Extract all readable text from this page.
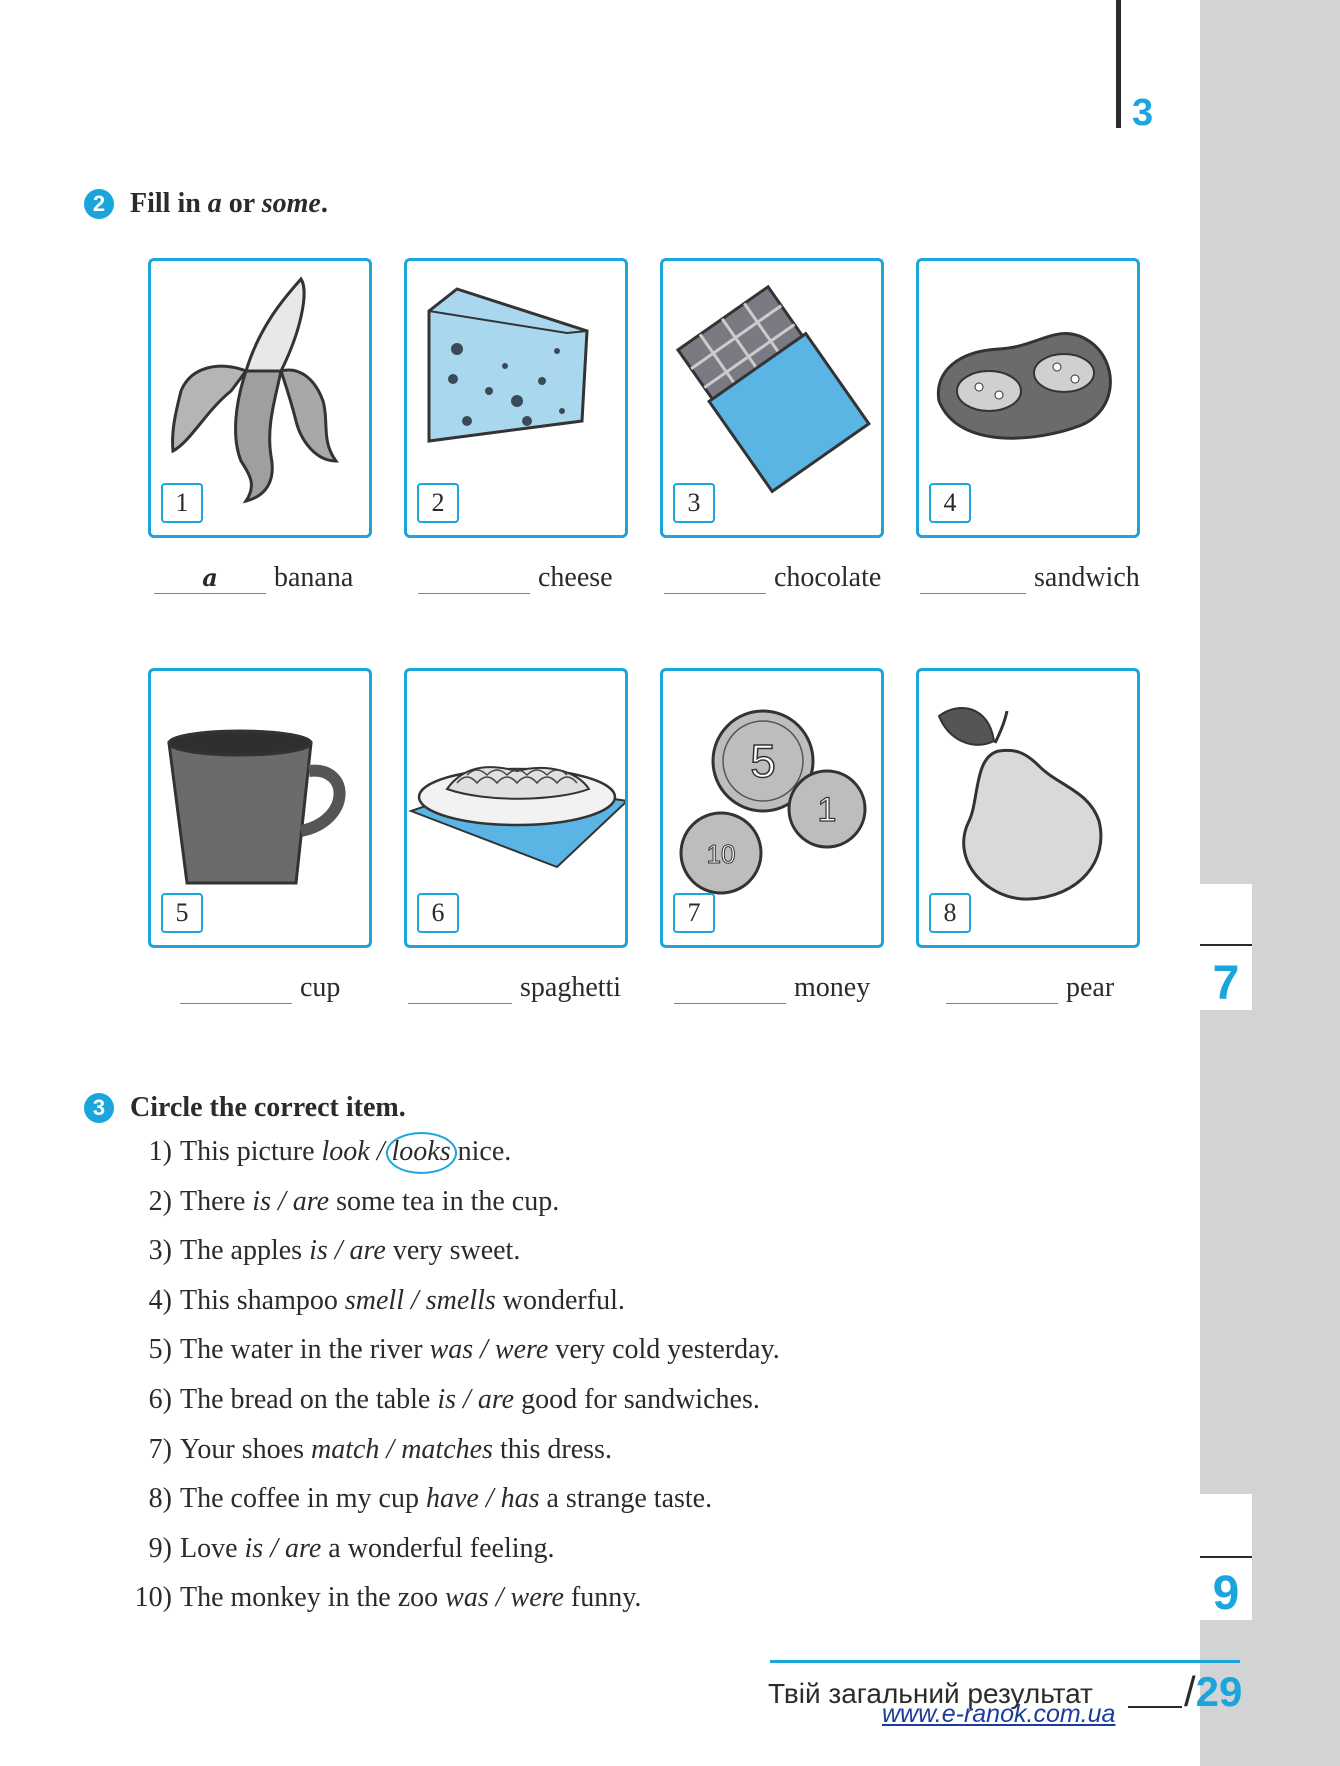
3
7
9
2 Fill in a or some.
1	2	3	4
a	banana	cheese	chocolate	sandwich
5	6
5
1
10
7	8
cup	spaghetti	money	pear
3 Circle the correct item.
1) This picture look / looks nice.
2) There is / are some tea in the cup.
3) The apples is / are very sweet.
4) This shampoo smell / smells wonderful.
5) The water in the river was / were very cold yesterday.
6) The bread on the table is / are good for sandwiches.
7) Your shoes match / matches this dress.
8) The coffee in my cup have / has a strange taste.
9) Love is / are a wonderful feeling.
10) The monkey in the zoo was / were funny.
Твій загальний результат /29
www.e-ranok.com.ua
